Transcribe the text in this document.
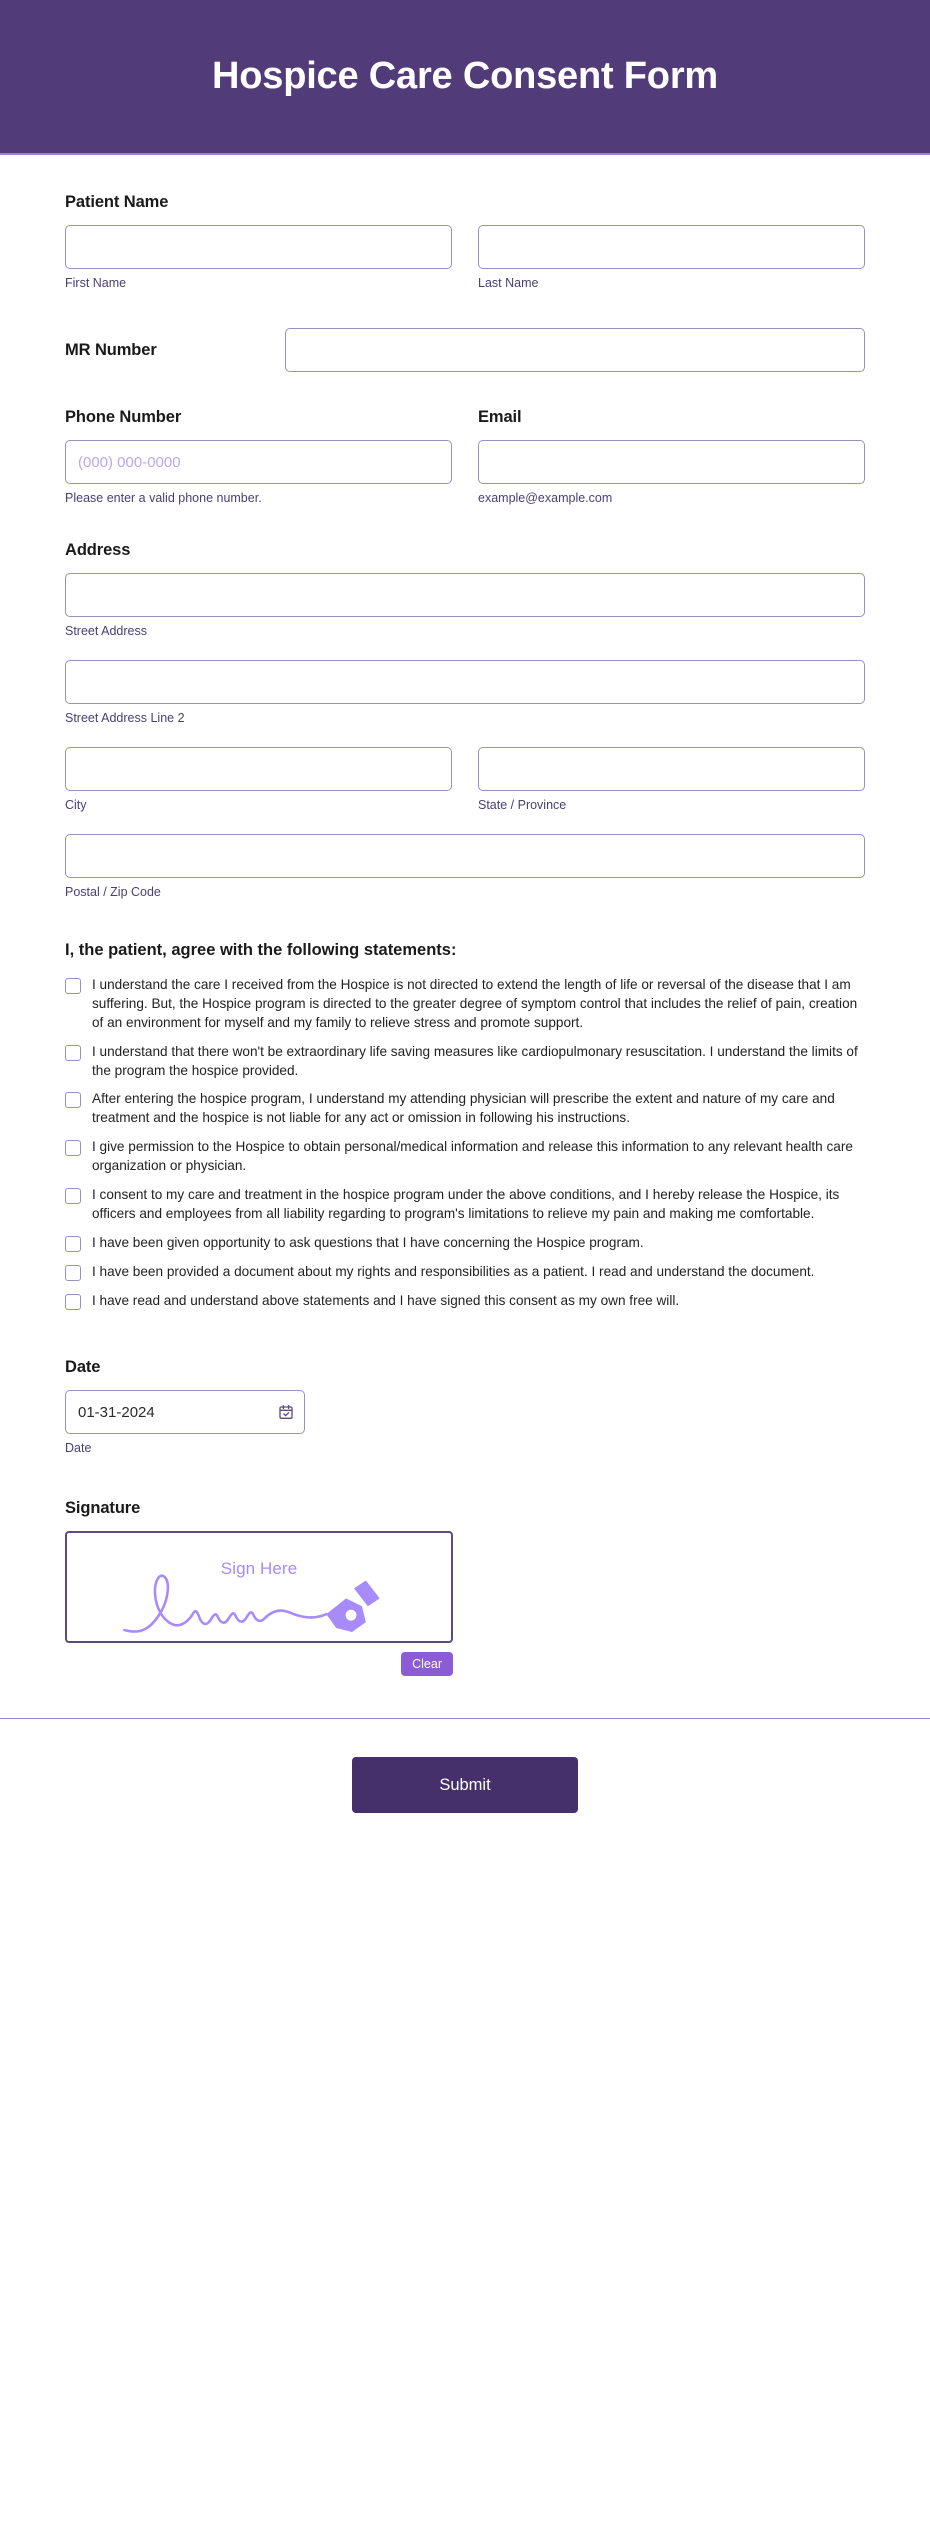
Hospice Care Consent Form
Patient Name
First Name	Last Name
MR Number
Phone Number
(000) 000-0000
Please enter a valid phone number.
Email
example@example.com
Address
Street Address
Street Address Line 2
City	State / Province
Postal / Zip Code
I, the patient, agree with the following statements:
I understand the care I received from the Hospice is not directed to extend the length of life or reversal of the disease that I am suffering. But, the Hospice program is directed to the greater degree of symptom control that includes the relief of pain, creation of an environment for myself and my family to relieve stress and promote support.
I understand that there won't be extraordinary life saving measures like cardiopulmonary resuscitation. I understand the limits of the program the hospice provided.
After entering the hospice program, I understand my attending physician will prescribe the extent and nature of my care and treatment and the hospice is not liable for any act or omission in following his instructions.
I give permission to the Hospice to obtain personal/medical information and release this information to any relevant health care organization or physician.
I consent to my care and treatment in the hospice program under the above conditions, and I hereby release the Hospice, its officers and employees from all liability regarding to program's limitations to relieve my pain and making me comfortable.
I have been given opportunity to ask questions that I have concerning the Hospice program.
I have been provided a document about my rights and responsibilities as a patient. I read and understand the document.
I have read and understand above statements and I have signed this consent as my own free will.
Date
01-31-2024
Date
Signature
Sign Here
Clear
Submit
